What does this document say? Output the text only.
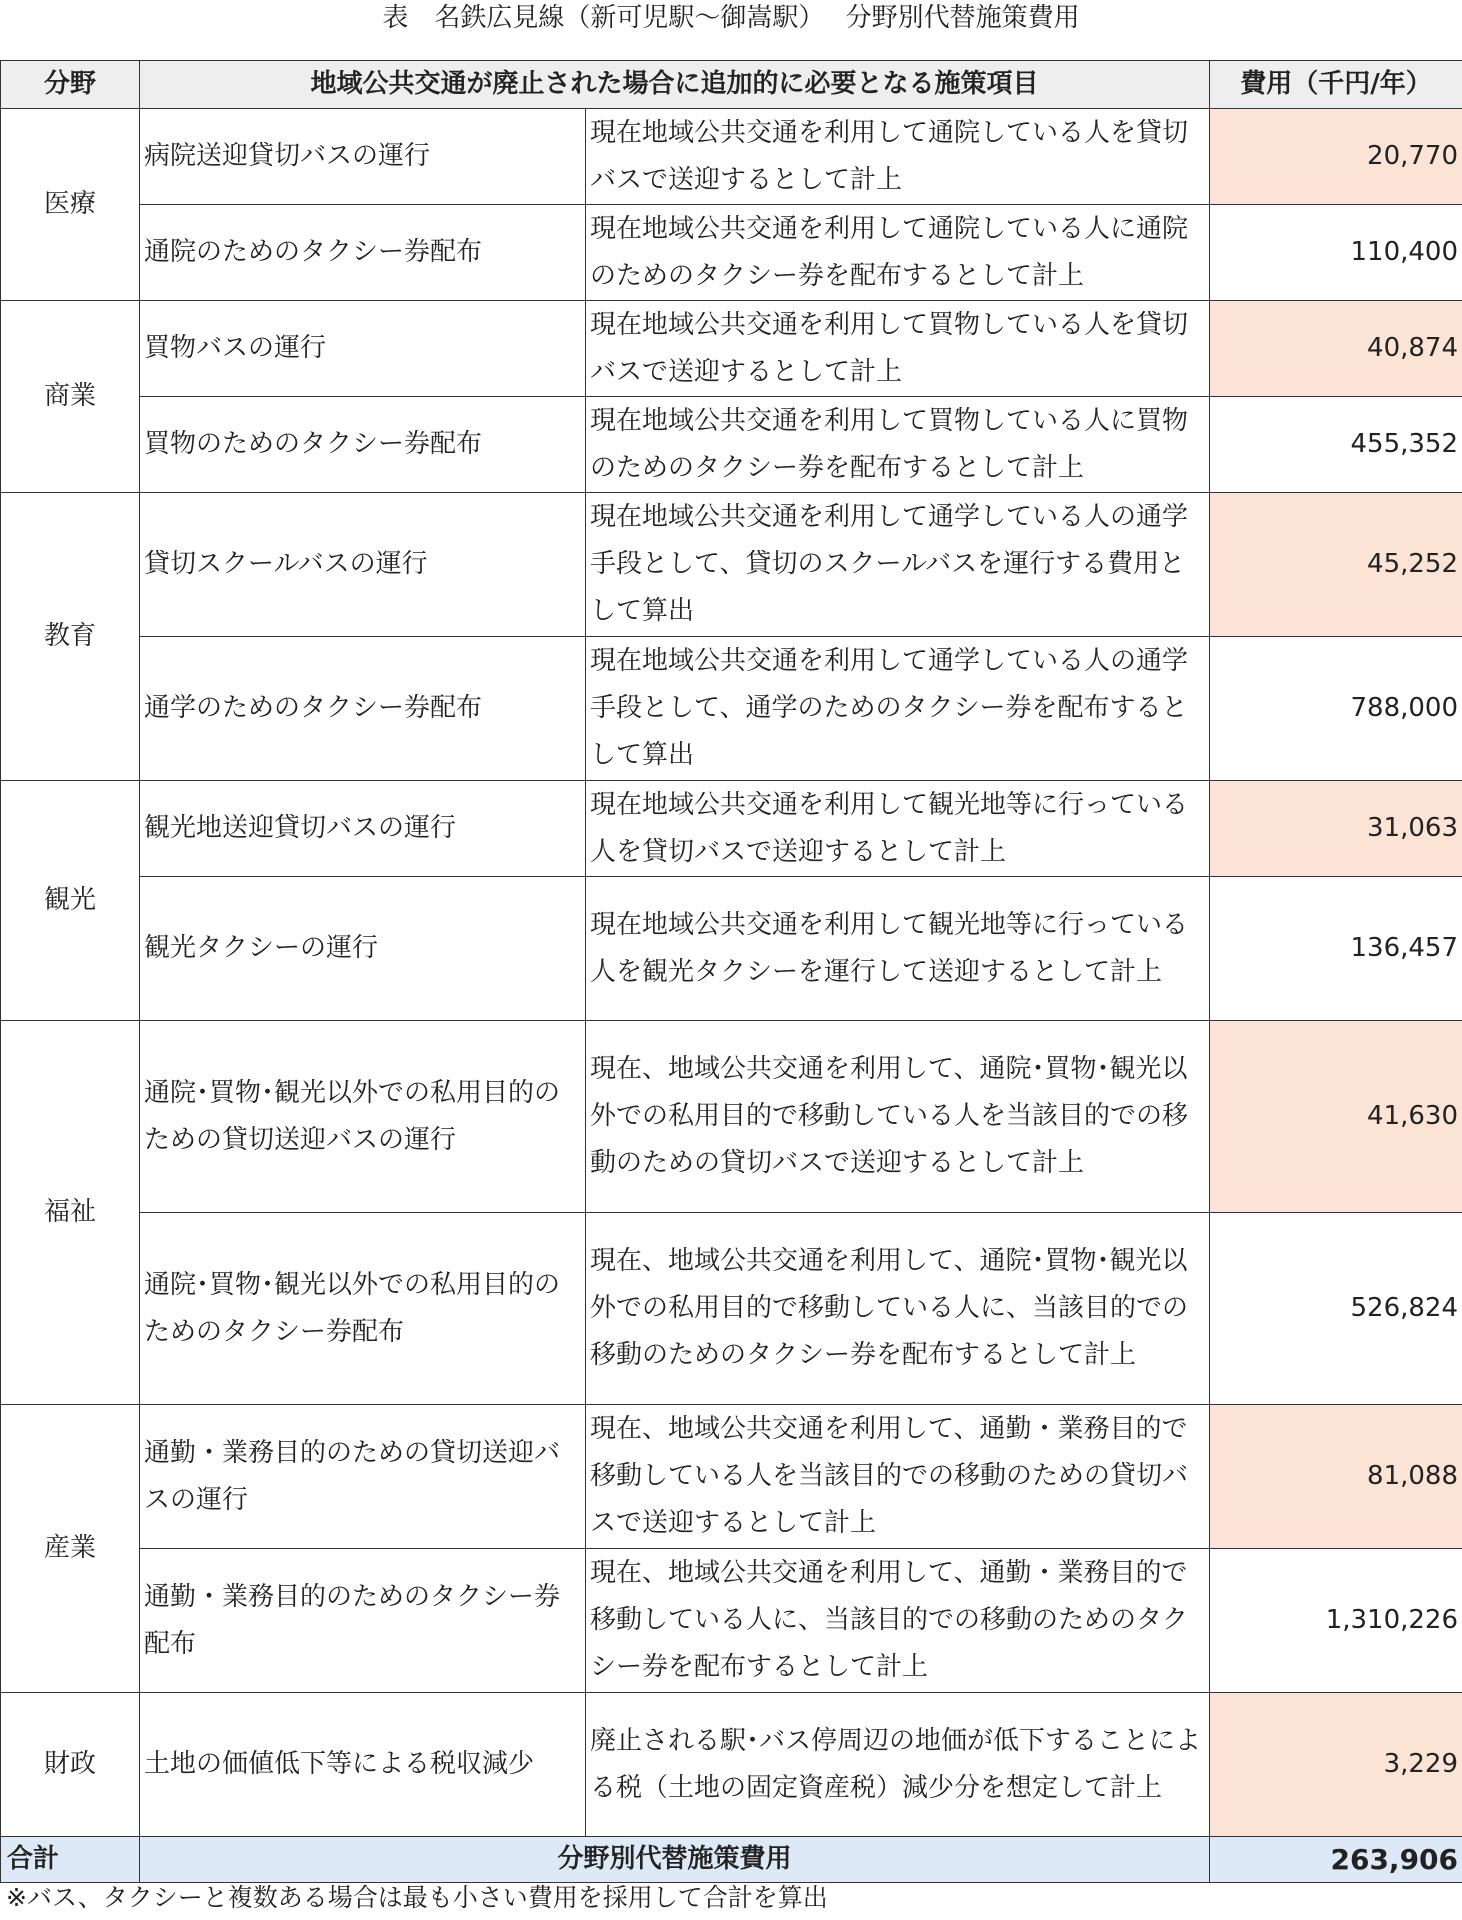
表　名鉄広見線（新可児駅～御嵩駅）　 分野別代替施策費用
分野	地域公共交通が廃止された場合に追加的に必要となる施策項目		費用（千円/年）
医療	病院送迎貸切バスの運行	現在地域公共交通を利用して通院している人を貸切バスで送迎するとして計上	20,770
	通院のためのタクシー券配布	現在地域公共交通を利用して通院している人に通院のためのタクシー券を配布するとして計上	110,400
商業	買物バスの運行	現在地域公共交通を利用して買物している人を貸切バスで送迎するとして計上	40,874
	買物のためのタクシー券配布	現在地域公共交通を利用して買物している人に買物のためのタクシー券を配布するとして計上	455,352
教育	貸切スクールバスの運行	現在地域公共交通を利用して通学している人の通学手段として、貸切のスクールバスを運行する費用として算出	45,252
	通学のためのタクシー券配布	現在地域公共交通を利用して通学している人の通学手段として、通学のためのタクシー券を配布するとして算出	788,000
観光	観光地送迎貸切バスの運行	現在地域公共交通を利用して観光地等に行っている人を貸切バスで送迎するとして計上	31,063
	観光タクシーの運行	現在地域公共交通を利用して観光地等に行っている人を観光タクシーを運行して送迎するとして計上	136,457
福祉	通院･買物･観光以外での私用目的のための貸切送迎バスの運行	現在、地域公共交通を利用して、通院･買物･観光以外での私用目的で移動している人を当該目的での移動のための貸切バスで送迎するとして計上	41,630
	通院･買物･観光以外での私用目的のためのタクシー券配布	現在、地域公共交通を利用して、通院･買物･観光以外での私用目的で移動している人に、当該目的での移動のためのタクシー券を配布するとして計上	526,824
産業	通勤・業務目的のための貸切送迎バスの運行	現在、地域公共交通を利用して、通勤・業務目的で移動している人を当該目的での移動のための貸切バスで送迎するとして計上	81,088
	通勤・業務目的のためのタクシー券配布	現在、地域公共交通を利用して、通勤・業務目的で移動している人に、当該目的での移動のためのタクシー券を配布するとして計上	1,310,226
財政	土地の価値低下等による税収減少	廃止される駅･バス停周辺の地価が低下することによる税（土地の固定資産税）減少分を想定して計上	3,229
合計	分野別代替施策費用		263,906
※バス、タクシーと複数ある場合は最も小さい費用を採用して合計を算出
